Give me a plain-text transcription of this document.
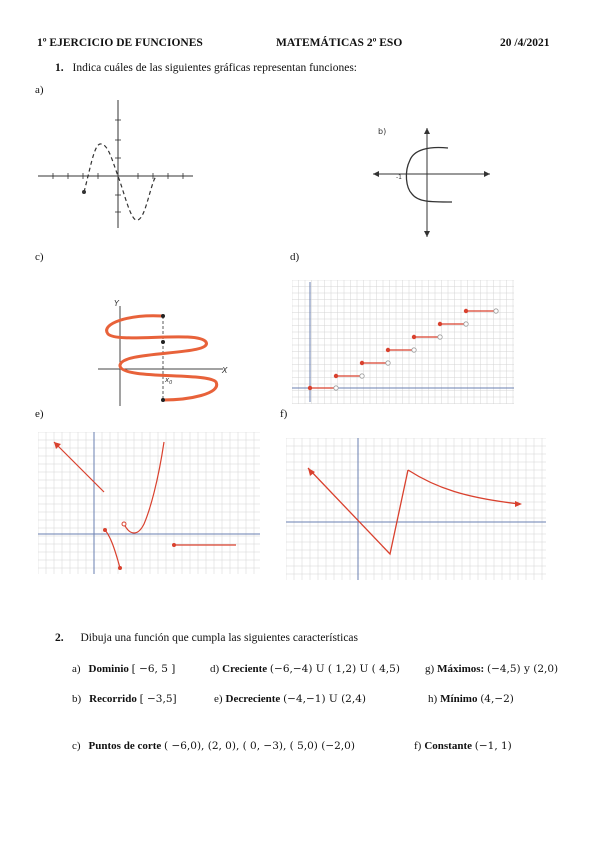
1º EJERCICIO DE FUNCIONES	MATEMÁTICAS 2º ESO	20 /4/2021
1. Indica cuáles de las siguientes gráficas representan funciones:
a)
c)	d)
e)	f)
b)
-1
Y
X
$x_0$
2. Dibuja una función que cumpla las siguientes características
a) Dominio [ −6, 5 ]	d) Creciente (−6,−4) U ( 1,2) U ( 4,5) g) Máximos: (−4,5) y (2,0)
b) Recorrido [ −3,5]	e) Decreciente (−4,−1) U (2,4)	h) Mínimo (4,−2)
c) Puntos de corte ( −6,0), (2, 0), ( 0, −3), ( 5,0) (−2,0)	f) Constante (−1, 1)
